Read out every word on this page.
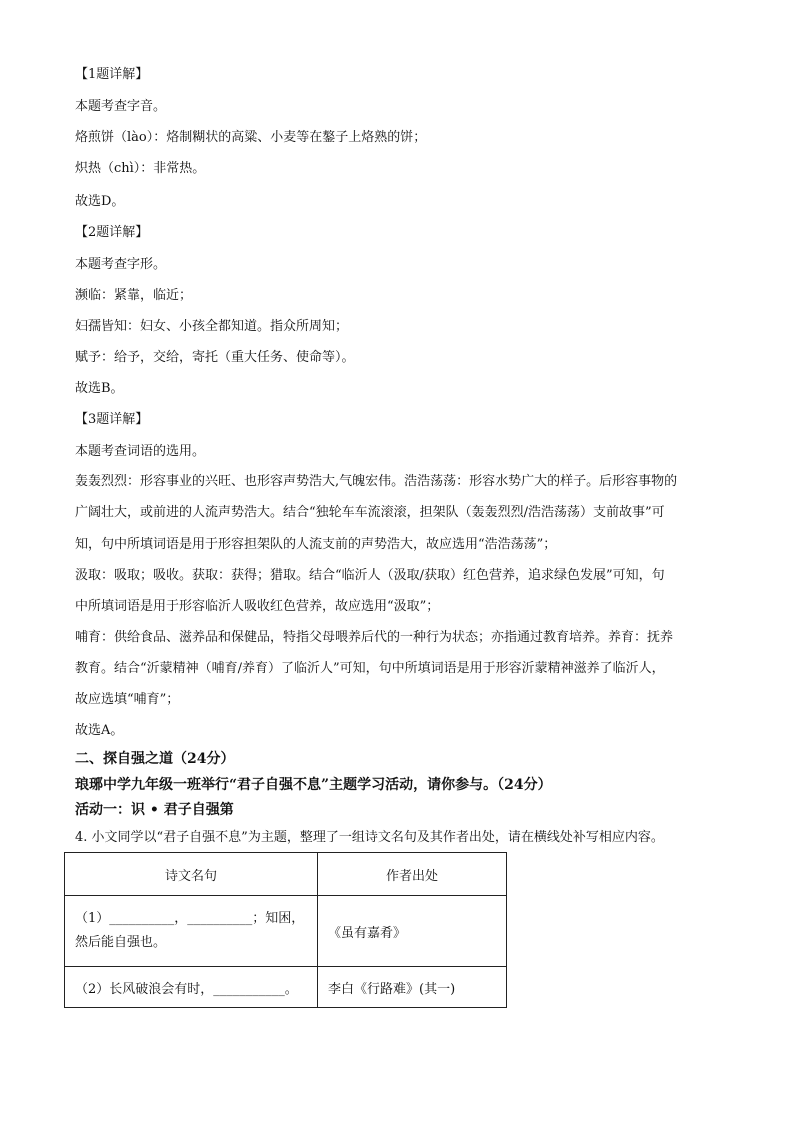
【1题详解】
本题考查字音。
烙煎饼（lào）：烙制糊状的高粱、小麦等在鏊子上烙熟的饼；
炽热（chì）：非常热。
故选D。
【2题详解】
本题考查字形。
濒临：紧靠，临近；
妇孺皆知：妇女、小孩全都知道。指众所周知；
赋予：给予，交给，寄托（重大任务、使命等）。
故选B。
【3题详解】
本题考查词语的选用。
轰轰烈烈：形容事业的兴旺、也形容声势浩大,气魄宏伟。浩浩荡荡：形容水势广大的样子。后形容事物的
广阔壮大，或前进的人流声势浩大。结合“独轮车车流滚滚，担架队（轰轰烈烈/浩浩荡荡）支前故事”可
知，句中所填词语是用于形容担架队的人流支前的声势浩大，故应选用“浩浩荡荡”；
汲取：吸取；吸收。获取：获得；猎取。结合“临沂人（汲取/获取）红色营养，追求绿色发展”可知，句
中所填词语是用于形容临沂人吸收红色营养，故应选用“汲取”；
哺育：供给食品、滋养品和保健品，特指父母喂养后代的一种行为状态；亦指通过教育培养。养育：抚养
教育。结合“沂蒙精神（哺育/养育）了临沂人”可知，句中所填词语是用于形容沂蒙精神滋养了临沂人，
故应选填“哺育”；
故选A。
二、探自强之道（24分）
琅琊中学九年级一班举行“君子自强不息”主题学习活动，请你参与。（24分）
活动一：识 • 君子自强第
4. 小文同学以“君子自强不息”为主题，整理了一组诗文名句及其作者出处，请在横线处补写相应内容。
诗文名句	作者出处
（1）__________，__________；知困，然后能自强也。	《虽有嘉肴》
（2）长风破浪会有时，___________。	李白《行路难》(其一)
